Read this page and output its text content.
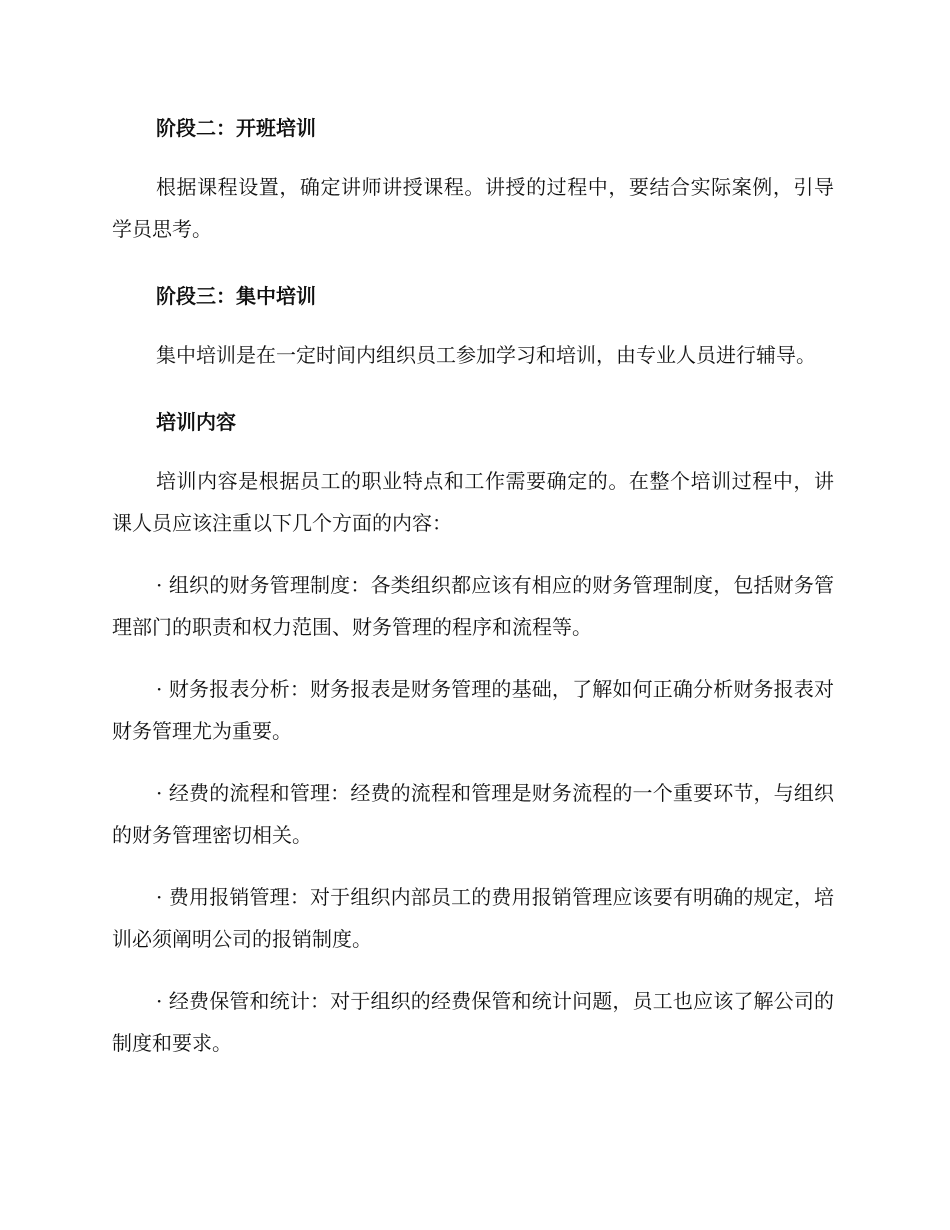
阶段二：开班培训

根据课程设置，确定讲师讲授课程。讲授的过程中，要结合实际案例，引导学员思考。

阶段三：集中培训

集中培训是在一定时间内组织员工参加学习和培训，由专业人员进行辅导。

培训内容

培训内容是根据员工的职业特点和工作需要确定的。在整个培训过程中，讲课人员应该注重以下几个方面的内容：

· 组织的财务管理制度：各类组织都应该有相应的财务管理制度，包括财务管理部门的职责和权力范围、财务管理的程序和流程等。

· 财务报表分析：财务报表是财务管理的基础，了解如何正确分析财务报表对财务管理尤为重要。

· 经费的流程和管理：经费的流程和管理是财务流程的一个重要环节，与组织的财务管理密切相关。

· 费用报销管理：对于组织内部员工的费用报销管理应该要有明确的规定，培训必须阐明公司的报销制度。

· 经费保管和统计：对于组织的经费保管和统计问题，员工也应该了解公司的制度和要求。
